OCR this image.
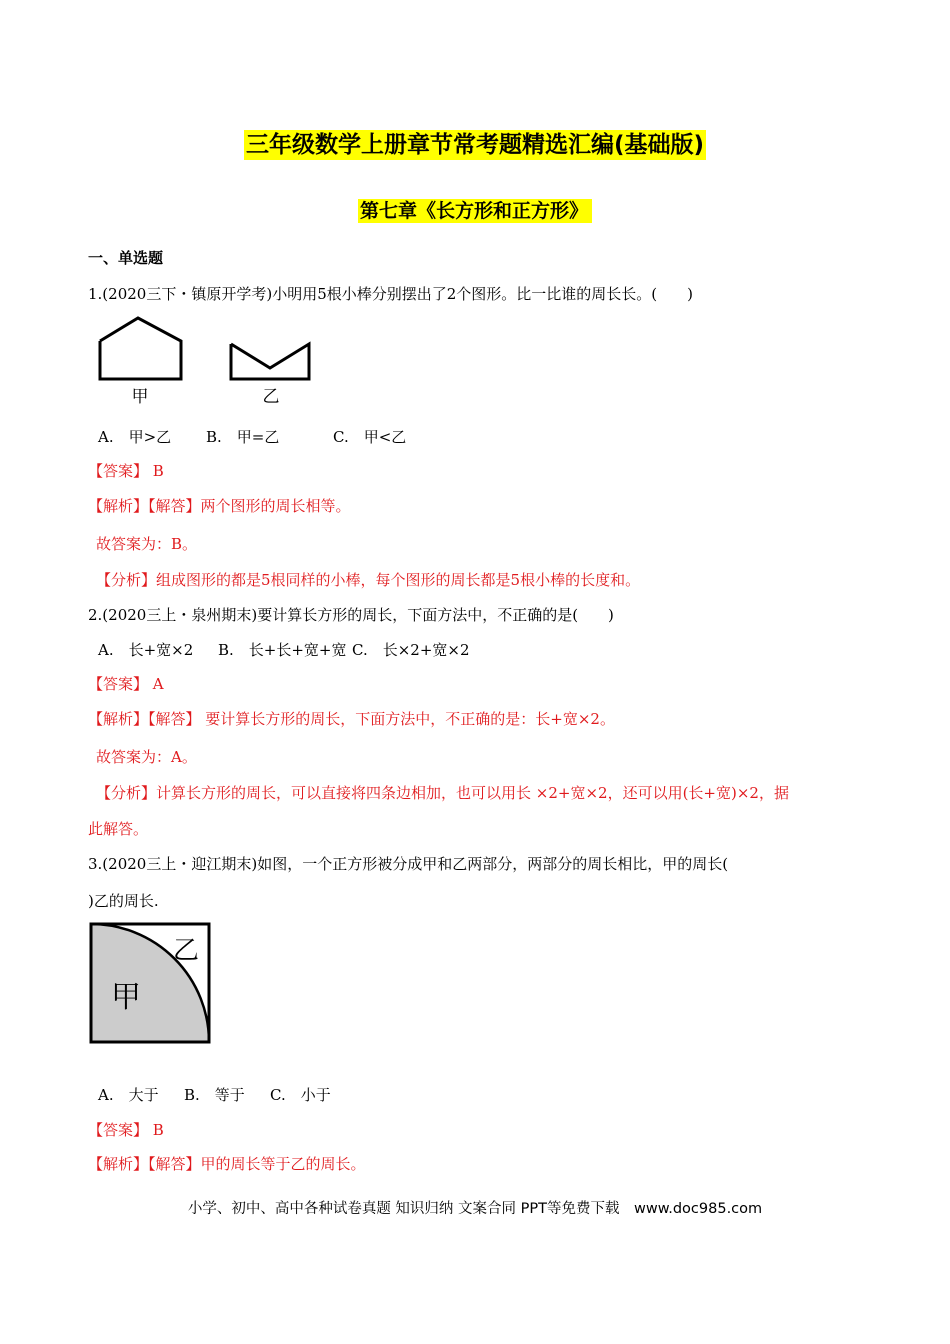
三年级数学上册章节常考题精选汇编(基础版)
第七章《长方形和正方形》
一、单选题
1.(2020三下・镇原开学考)小明用5根小棒分别摆出了2个图形。比一比谁的周长长。(　　)
甲	乙
A.　甲>乙 B.　甲=乙	C.　甲<乙
【答案】 B
【解析】【解答】两个图形的周长相等。
故答案为：B。
【分析】组成图形的都是5根同样的小棒，每个图形的周长都是5根小棒的长度和。
2.(2020三上・泉州期末)要计算长方形的周长，下面方法中，不正确的是(　　)
A.　长+宽×2 B.　长+长+宽+宽 C.　长×2+宽×2
【答案】 A
【解析】【解答】 要计算长方形的周长，下面方法中，不正确的是：长+宽×2。
故答案为：A。
【分析】计算长方形的周长，可以直接将四条边相加，也可以用长 ×2+宽×2，还可以用(长+宽)×2，据
此解答。
3.(2020三上・迎江期末)如图，一个正方形被分成甲和乙两部分，两部分的周长相比，甲的周长(
)乙的周长.
乙
甲
A.　大于 B.　等于 C.　小于
【答案】 B
【解析】【解答】甲的周长等于乙的周长。
小学、初中、高中各种试卷真题 知识归纳 文案合同 PPT等免费下载　www.doc985.com
